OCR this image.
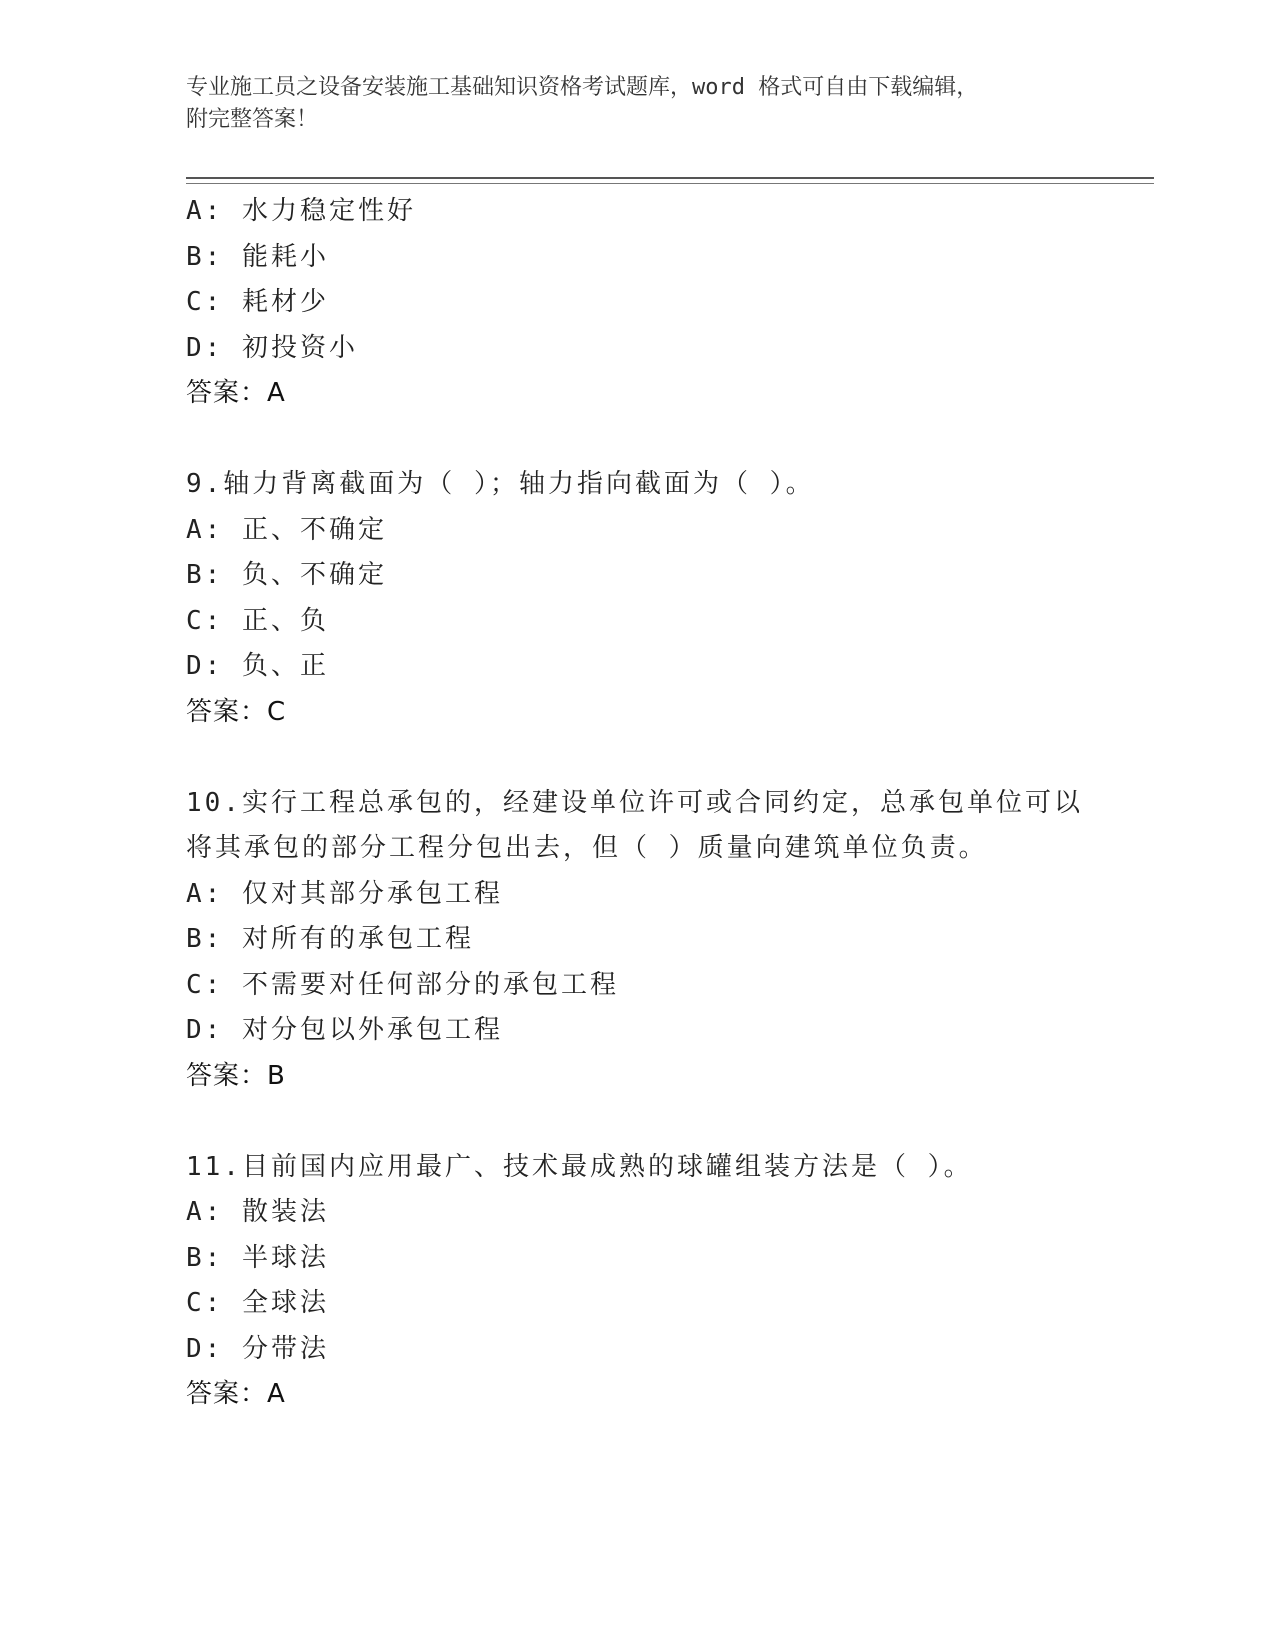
专业施工员之设备安装施工基础知识资格考试题库，word 格式可自由下载编辑，
附完整答案！
A: 水力稳定性好
B: 能耗小
C: 耗材少
D: 初投资小
答案：A
9.轴力背离截面为（ ）；轴力指向截面为（ ）。
A: 正、不确定
B: 负、不确定
C: 正、负
D: 负、正
答案：C
10.实行工程总承包的，经建设单位许可或合同约定，总承包单位可以
将其承包的部分工程分包出去，但（ ）质量向建筑单位负责。
A: 仅对其部分承包工程
B: 对所有的承包工程
C: 不需要对任何部分的承包工程
D: 对分包以外承包工程
答案：B
11.目前国内应用最广、技术最成熟的球罐组装方法是（ ）。
A: 散装法
B: 半球法
C: 全球法
D: 分带法
答案：A
